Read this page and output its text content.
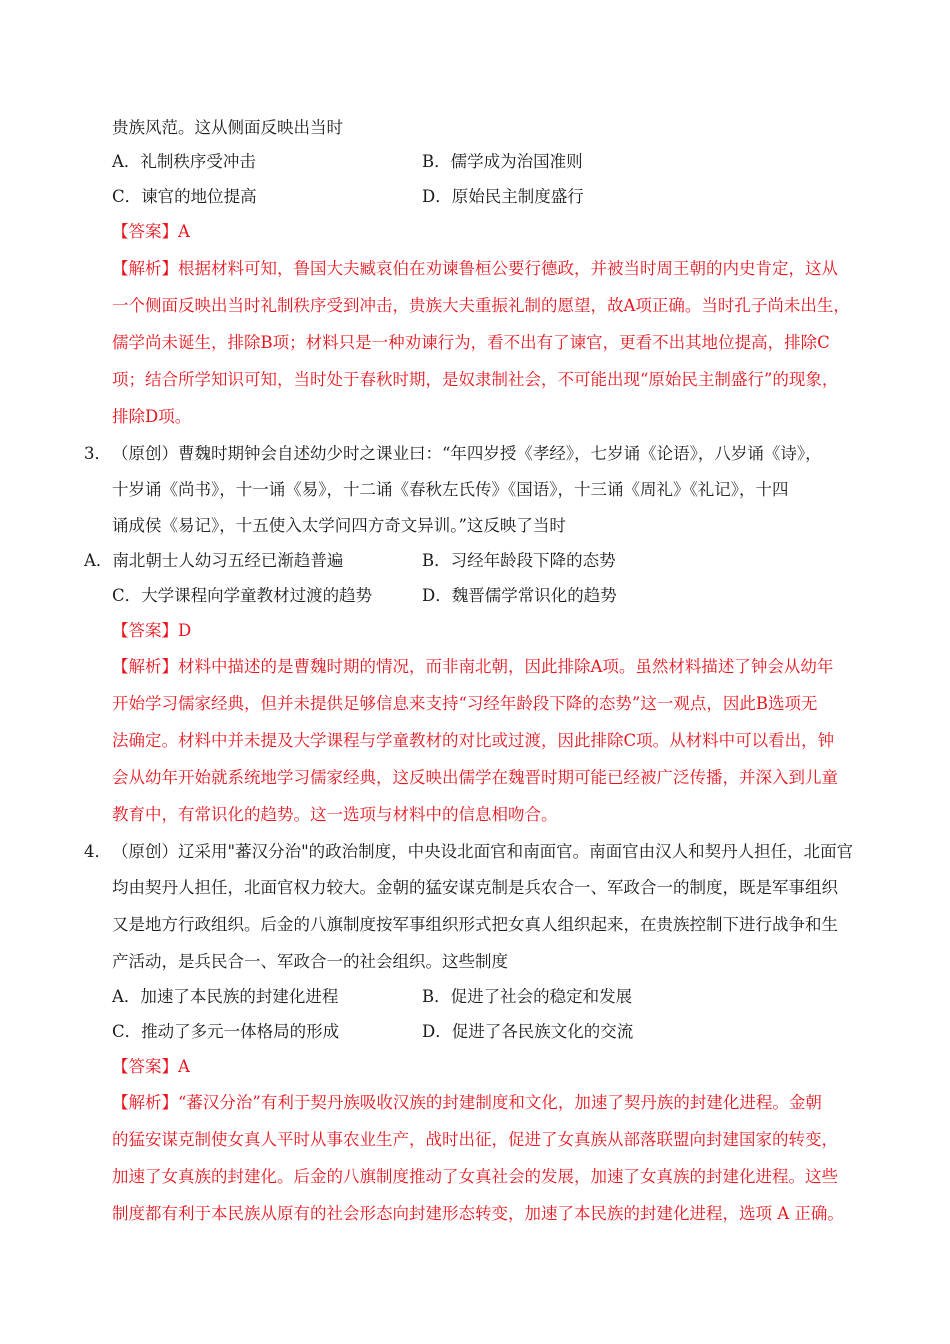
贵族风范。这从侧面反映出当时
A．礼制秩序受冲击	B．儒学成为治国准则
C．谏官的地位提高	D．原始民主制度盛行
【答案】A
【解析】根据材料可知，鲁国大夫臧哀伯在劝谏鲁桓公要行德政，并被当时周王朝的内史肯定，这从
一个侧面反映出当时礼制秩序受到冲击，贵族大夫重振礼制的愿望，故A项正确。当时孔子尚未出生，
儒学尚未诞生，排除B项；材料只是一种劝谏行为，看不出有了谏官，更看不出其地位提高，排除C
项；结合所学知识可知，当时处于春秋时期，是奴隶制社会，不可能出现“原始民主制盛行”的现象，
排除D项。
3．（原创）曹魏时期钟会自述幼少时之课业曰：“年四岁授《孝经》，七岁诵《论语》，八岁诵《诗》，
十岁诵《尚书》，十一诵《易》，十二诵《春秋左氏传》《国语》，十三诵《周礼》《礼记》，十四
诵成侯《易记》，十五使入太学问四方奇文异训。”这反映了当时
A．南北朝士人幼习五经已渐趋普遍	B．习经年龄段下降的态势
C．大学课程向学童教材过渡的趋势	D．魏晋儒学常识化的趋势
【答案】D
【解析】材料中描述的是曹魏时期的情况，而非南北朝，因此排除A项。虽然材料描述了钟会从幼年
开始学习儒家经典，但并未提供足够信息来支持“习经年龄段下降的态势”这一观点，因此B选项无
法确定。材料中并未提及大学课程与学童教材的对比或过渡，因此排除C项。从材料中可以看出，钟
会从幼年开始就系统地学习儒家经典，这反映出儒学在魏晋时期可能已经被广泛传播，并深入到儿童
教育中，有常识化的趋势。这一选项与材料中的信息相吻合。
4．（原创）辽采用"蕃汉分治"的政治制度，中央设北面官和南面官。南面官由汉人和契丹人担任，北面官
均由契丹人担任，北面官权力较大。金朝的猛安谋克制是兵农合一、军政合一的制度，既是军事组织
又是地方行政组织。后金的八旗制度按军事组织形式把女真人组织起来，在贵族控制下进行战争和生
产活动，是兵民合一、军政合一的社会组织。这些制度
A．加速了本民族的封建化进程	B．促进了社会的稳定和发展
C．推动了多元一体格局的形成	D．促进了各民族文化的交流
【答案】A
【解析】“蕃汉分治”有利于契丹族吸收汉族的封建制度和文化，加速了契丹族的封建化进程。金朝
的猛安谋克制使女真人平时从事农业生产，战时出征，促进了女真族从部落联盟向封建国家的转变，
加速了女真族的封建化。后金的八旗制度推动了女真社会的发展，加速了女真族的封建化进程。这些
制度都有利于本民族从原有的社会形态向封建形态转变，加速了本民族的封建化进程，选项 A 正确。
